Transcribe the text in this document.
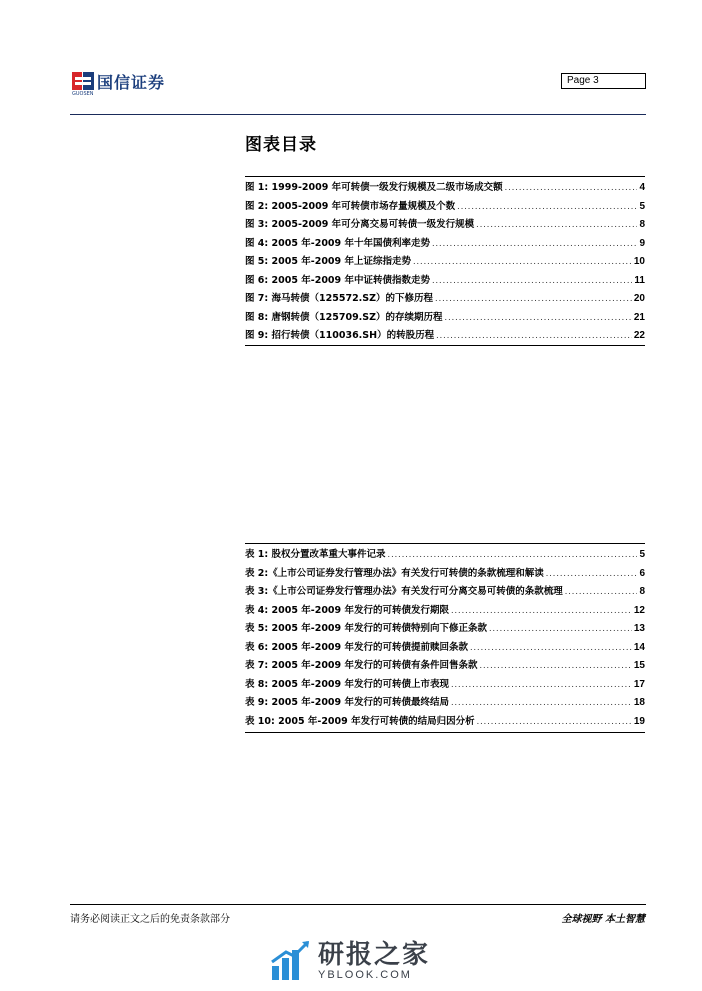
国信证券
GUOSEN
Page 3
图表目录
图 1: 1999-2009 年可转债一级发行规模及二级市场成交额 .....	4
图 2: 2005-2009 年可转债市场存量规模及个数 .....	5
图 3: 2005-2009 年可分离交易可转债一级发行规模 .....	8
图 4: 2005 年-2009 年十年国债利率走势 .....	9
图 5: 2005 年-2009 年上证综指走势 .....	10
图 6: 2005 年-2009 年中证转债指数走势 .....	11
图 7: 海马转债（125572.SZ）的下修历程 .....	20
图 8: 唐钢转债（125709.SZ）的存续期历程 .....	21
图 9: 招行转债（110036.SH）的转股历程 .....	22
表 1: 股权分置改革重大事件记录 .....	5
表 2:《上市公司证券发行管理办法》有关发行可转债的条款梳理和解读 .....	6
表 3:《上市公司证券发行管理办法》有关发行可分离交易可转债的条款梳理 .....	8
表 4: 2005 年-2009 年发行的可转债发行期限 .....	12
表 5: 2005 年-2009 年发行的可转债特别向下修正条款 .....	13
表 6: 2005 年-2009 年发行的可转债提前赎回条款 .....	14
表 7: 2005 年-2009 年发行的可转债有条件回售条款 .....	15
表 8: 2005 年-2009 年发行的可转债上市表现 .....	17
表 9: 2005 年-2009 年发行的可转债最终结局 .....	18
表 10: 2005 年-2009 年发行可转债的结局归因分析 .....	19
请务必阅读正文之后的免责条款部分	全球视野 本土智慧
研报之家
YBLOOK.COM
